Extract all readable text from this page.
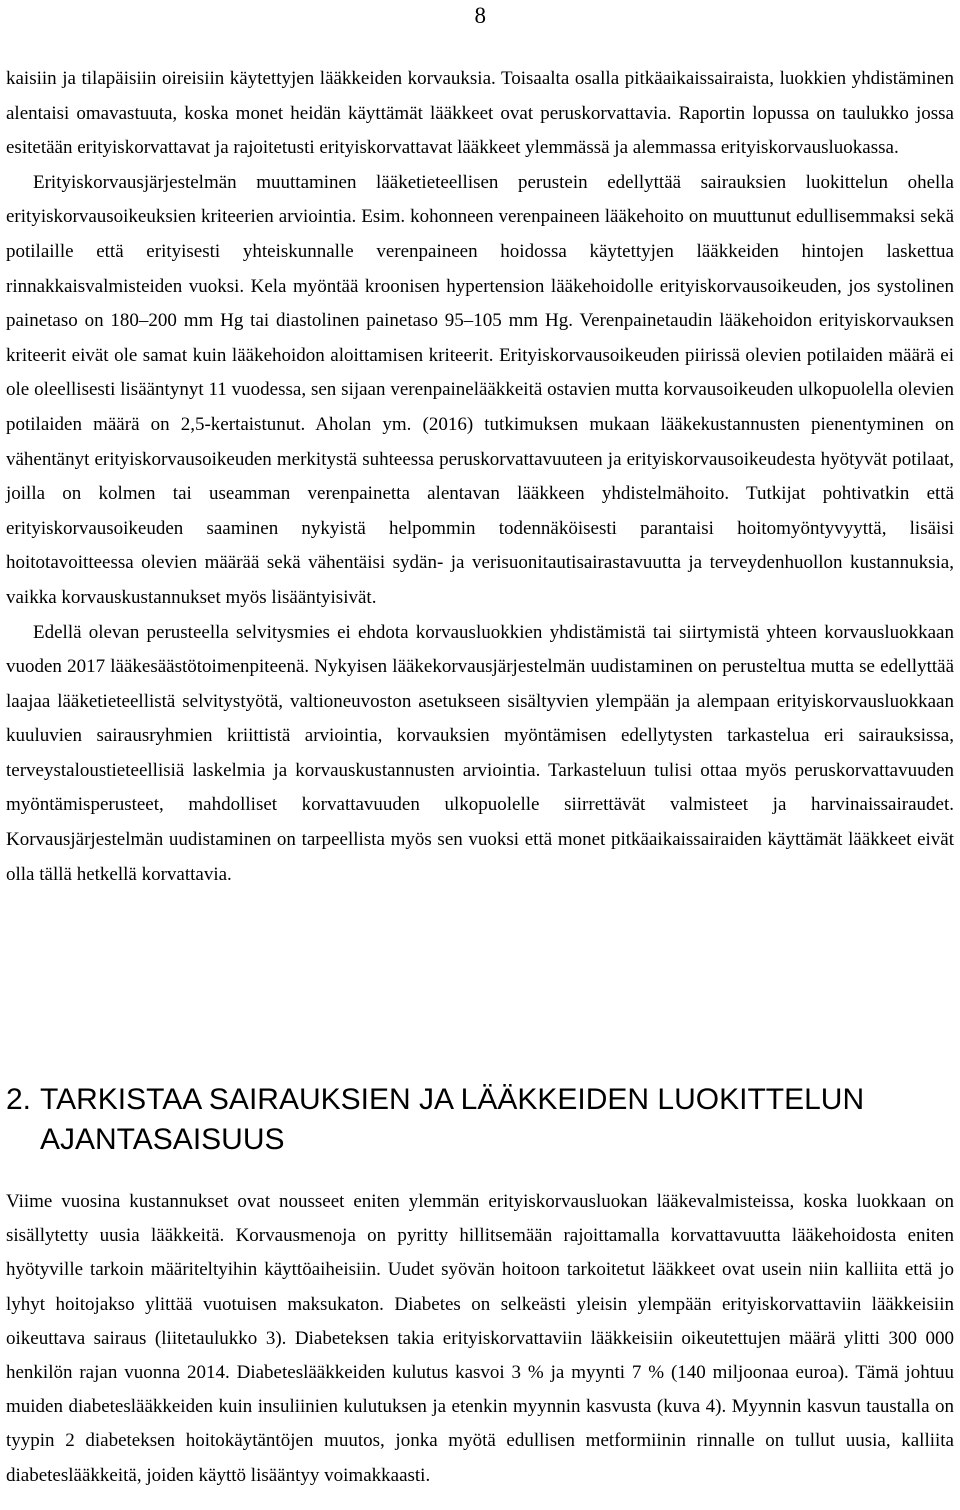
8

kaisiin ja tilapäisiin oireisiin käytettyjen lääkkeiden korvauksia. Toisaalta osalla pitkäaikaissairaista, luokkien yhdistäminen alentaisi omavastuuta, koska monet heidän käyttämät lääkkeet ovat peruskorvattavia. Raportin lopussa on taulukko jossa esitetään erityiskorvattavat ja rajoitetusti erityiskorvattavat lääkkeet ylemmässä ja alemmassa erityiskorvausluokassa.

Erityiskorvausjärjestelmän muuttaminen lääketieteellisen perustein edellyttää sairauksien luokittelun ohella erityiskorvausoikeuksien kriteerien arviointia. Esim. kohonneen verenpaineen lääkehoito on muuttunut edullisemmaksi sekä potilaille että erityisesti yhteiskunnalle verenpaineen hoidossa käytettyjen lääkkeiden hintojen laskettua rinnakkaisvalmisteiden vuoksi. Kela myöntää kroonisen hypertension lääkehoidolle erityiskorvausoikeuden, jos systolinen painetaso on 180–200 mm Hg tai diastolinen painetaso 95–105 mm Hg. Verenpainetaudin lääkehoidon erityiskorvauksen kriteerit eivät ole samat kuin lääkehoidon aloittamisen kriteerit. Erityiskorvausoikeuden piirissä olevien potilaiden määrä ei ole oleellisesti lisääntynyt 11 vuodessa, sen sijaan verenpainelääkkeitä ostavien mutta korvausoikeuden ulkopuolella olevien potilaiden määrä on 2,5-kertaistunut. Aholan ym. (2016) tutkimuksen mukaan lääkekustannusten pienentyminen on vähentänyt erityiskorvausoikeuden merkitystä suhteessa peruskorvattavuuteen ja erityiskorvausoikeudesta hyötyvät potilaat, joilla on kolmen tai useamman verenpainetta alentavan lääkkeen yhdistelmähoito. Tutkijat pohtivatkin että erityiskorvausoikeuden saaminen nykyistä helpommin todennäköisesti parantaisi hoitomyöntyvyyttä, lisäisi hoitotavoitteessa olevien määrää sekä vähentäisi sydän- ja verisuonitautisairastavuutta ja terveydenhuollon kustannuksia, vaikka korvauskustannukset myös lisääntyisivät.

Edellä olevan perusteella selvitysmies ei ehdota korvausluokkien yhdistämistä tai siirtymistä yhteen korvausluokkaan vuoden 2017 lääkesäästötoimenpiteenä. Nykyisen lääkekorvausjärjestelmän uudistaminen on perusteltua mutta se edellyttää laajaa lääketieteellistä selvitystyötä, valtioneuvoston asetukseen sisältyvien ylempään ja alempaan erityiskorvausluokkaan kuuluvien sairausryhmien kriittistä arviointia, korvauksien myöntämisen edellytysten tarkastelua eri sairauksissa, terveystaloustieteellisiä laskelmia ja korvauskustannusten arviointia. Tarkasteluun tulisi ottaa myös peruskorvattavuuden myöntämisperusteet, mahdolliset korvattavuuden ulkopuolelle siirrettävät valmisteet ja harvinaissairaudet. Korvausjärjestelmän uudistaminen on tarpeellista myös sen vuoksi että monet pitkäaikaissairaiden käyttämät lääkkeet eivät olla tällä hetkellä korvattavia.

2. TARKISTAA SAIRAUKSIEN JA LÄÄKKEIDEN LUOKITTELUN AJANTASAISUUS

Viime vuosina kustannukset ovat nousseet eniten ylemmän erityiskorvausluokan lääkevalmisteissa, koska luokkaan on sisällytetty uusia lääkkeitä. Korvausmenoja on pyritty hillitsemään rajoittamalla korvattavuutta lääkehoidosta eniten hyötyville tarkoin määriteltyihin käyttöaiheisiin. Uudet syövän hoitoon tarkoitetut lääkkeet ovat usein niin kalliita että jo lyhyt hoitojakso ylittää vuotuisen maksukaton. Diabetes on selkeästi yleisin ylempään erityiskorvattaviin lääkkeisiin oikeuttava sairaus (liitetaulukko 3). Diabeteksen takia erityiskorvattaviin lääkkeisiin oikeutettujen määrä ylitti 300 000 henkilön rajan vuonna 2014. Diabeteslääkkeiden kulutus kasvoi 3 % ja myynti 7 % (140 miljoonaa euroa). Tämä johtuu muiden diabeteslääkkeiden kuin insuliinien kulutuksen ja etenkin myynnin kasvusta (kuva 4). Myynnin kasvun taustalla on tyypin 2 diabeteksen hoitokäytäntöjen muutos, jonka myötä edullisen metformiinin rinnalle on tullut uusia, kalliita diabeteslääkkeitä, joiden käyttö lisääntyy voimakkaasti.
